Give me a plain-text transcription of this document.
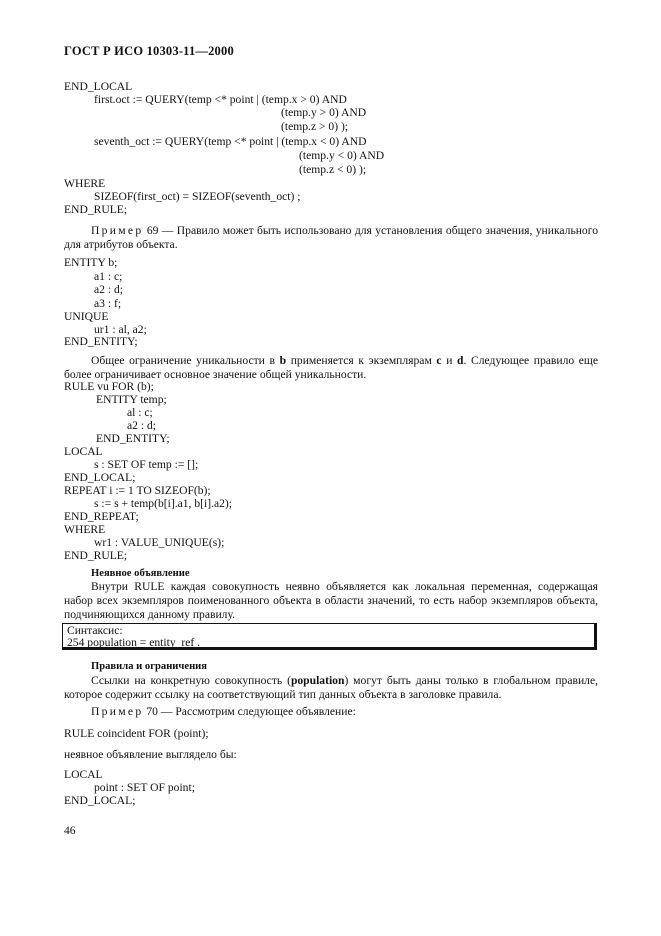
ГОСТ Р ИСО 10303-11—2000
END_LOCAL
first.oct := QUERY(temp <* point | (temp.x > 0) AND
(temp.y > 0) AND
(temp.z > 0) );
seventh_oct := QUERY(temp <* point | (temp.x < 0) AND
(temp.y < 0) AND
(temp.z < 0) );
WHERE
SIZEOF(first_oct) = SIZEOF(seventh_oct) ;
END_RULE;
Пример 69 — Правило может быть использовано для установления общего значения, уникального для атрибутов объекта.
ENTITY b;
a1 : c;
a2 : d;
a3 : f;
UNIQUE
ur1 : al, a2;
END_ENTITY;
Общее ограничение уникальности в b применяется к экземплярам c и d. Следующее правило еще более ограничивает основное значение общей уникальности.
RULE vu FOR (b);
ENTITY temp;
al : c;
a2 : d;
END_ENTITY;
LOCAL
s : SET OF temp := [];
END_LOCAL;
REPEAT i := 1 TO SIZEOF(b);
s := s + temp(b[i].a1, b[i].a2);
END_REPEAT;
WHERE
wr1 : VALUE_UNIQUE(s);
END_RULE;
Неявное объявление
Внутри RULE каждая совокупность неявно объявляется как локальная переменная, содержащая набор всех экземпляров поименованного объекта в области значений, то есть набор экземпляров объекта, подчиняющихся данному правилу.
Синтаксис:
254 population = entity_ref .
Правила и ограничения
Ссылки на конкретную совокупность (population) могут быть даны только в глобальном правиле, которое содержит ссылку на соответствующий тип данных объекта в заголовке правила.
Пример 70 — Рассмотрим следующее объявление:
RULE coincident FOR (point);
неявное объявление выглядело бы:
LOCAL
point : SET OF point;
END_LOCAL;
46
